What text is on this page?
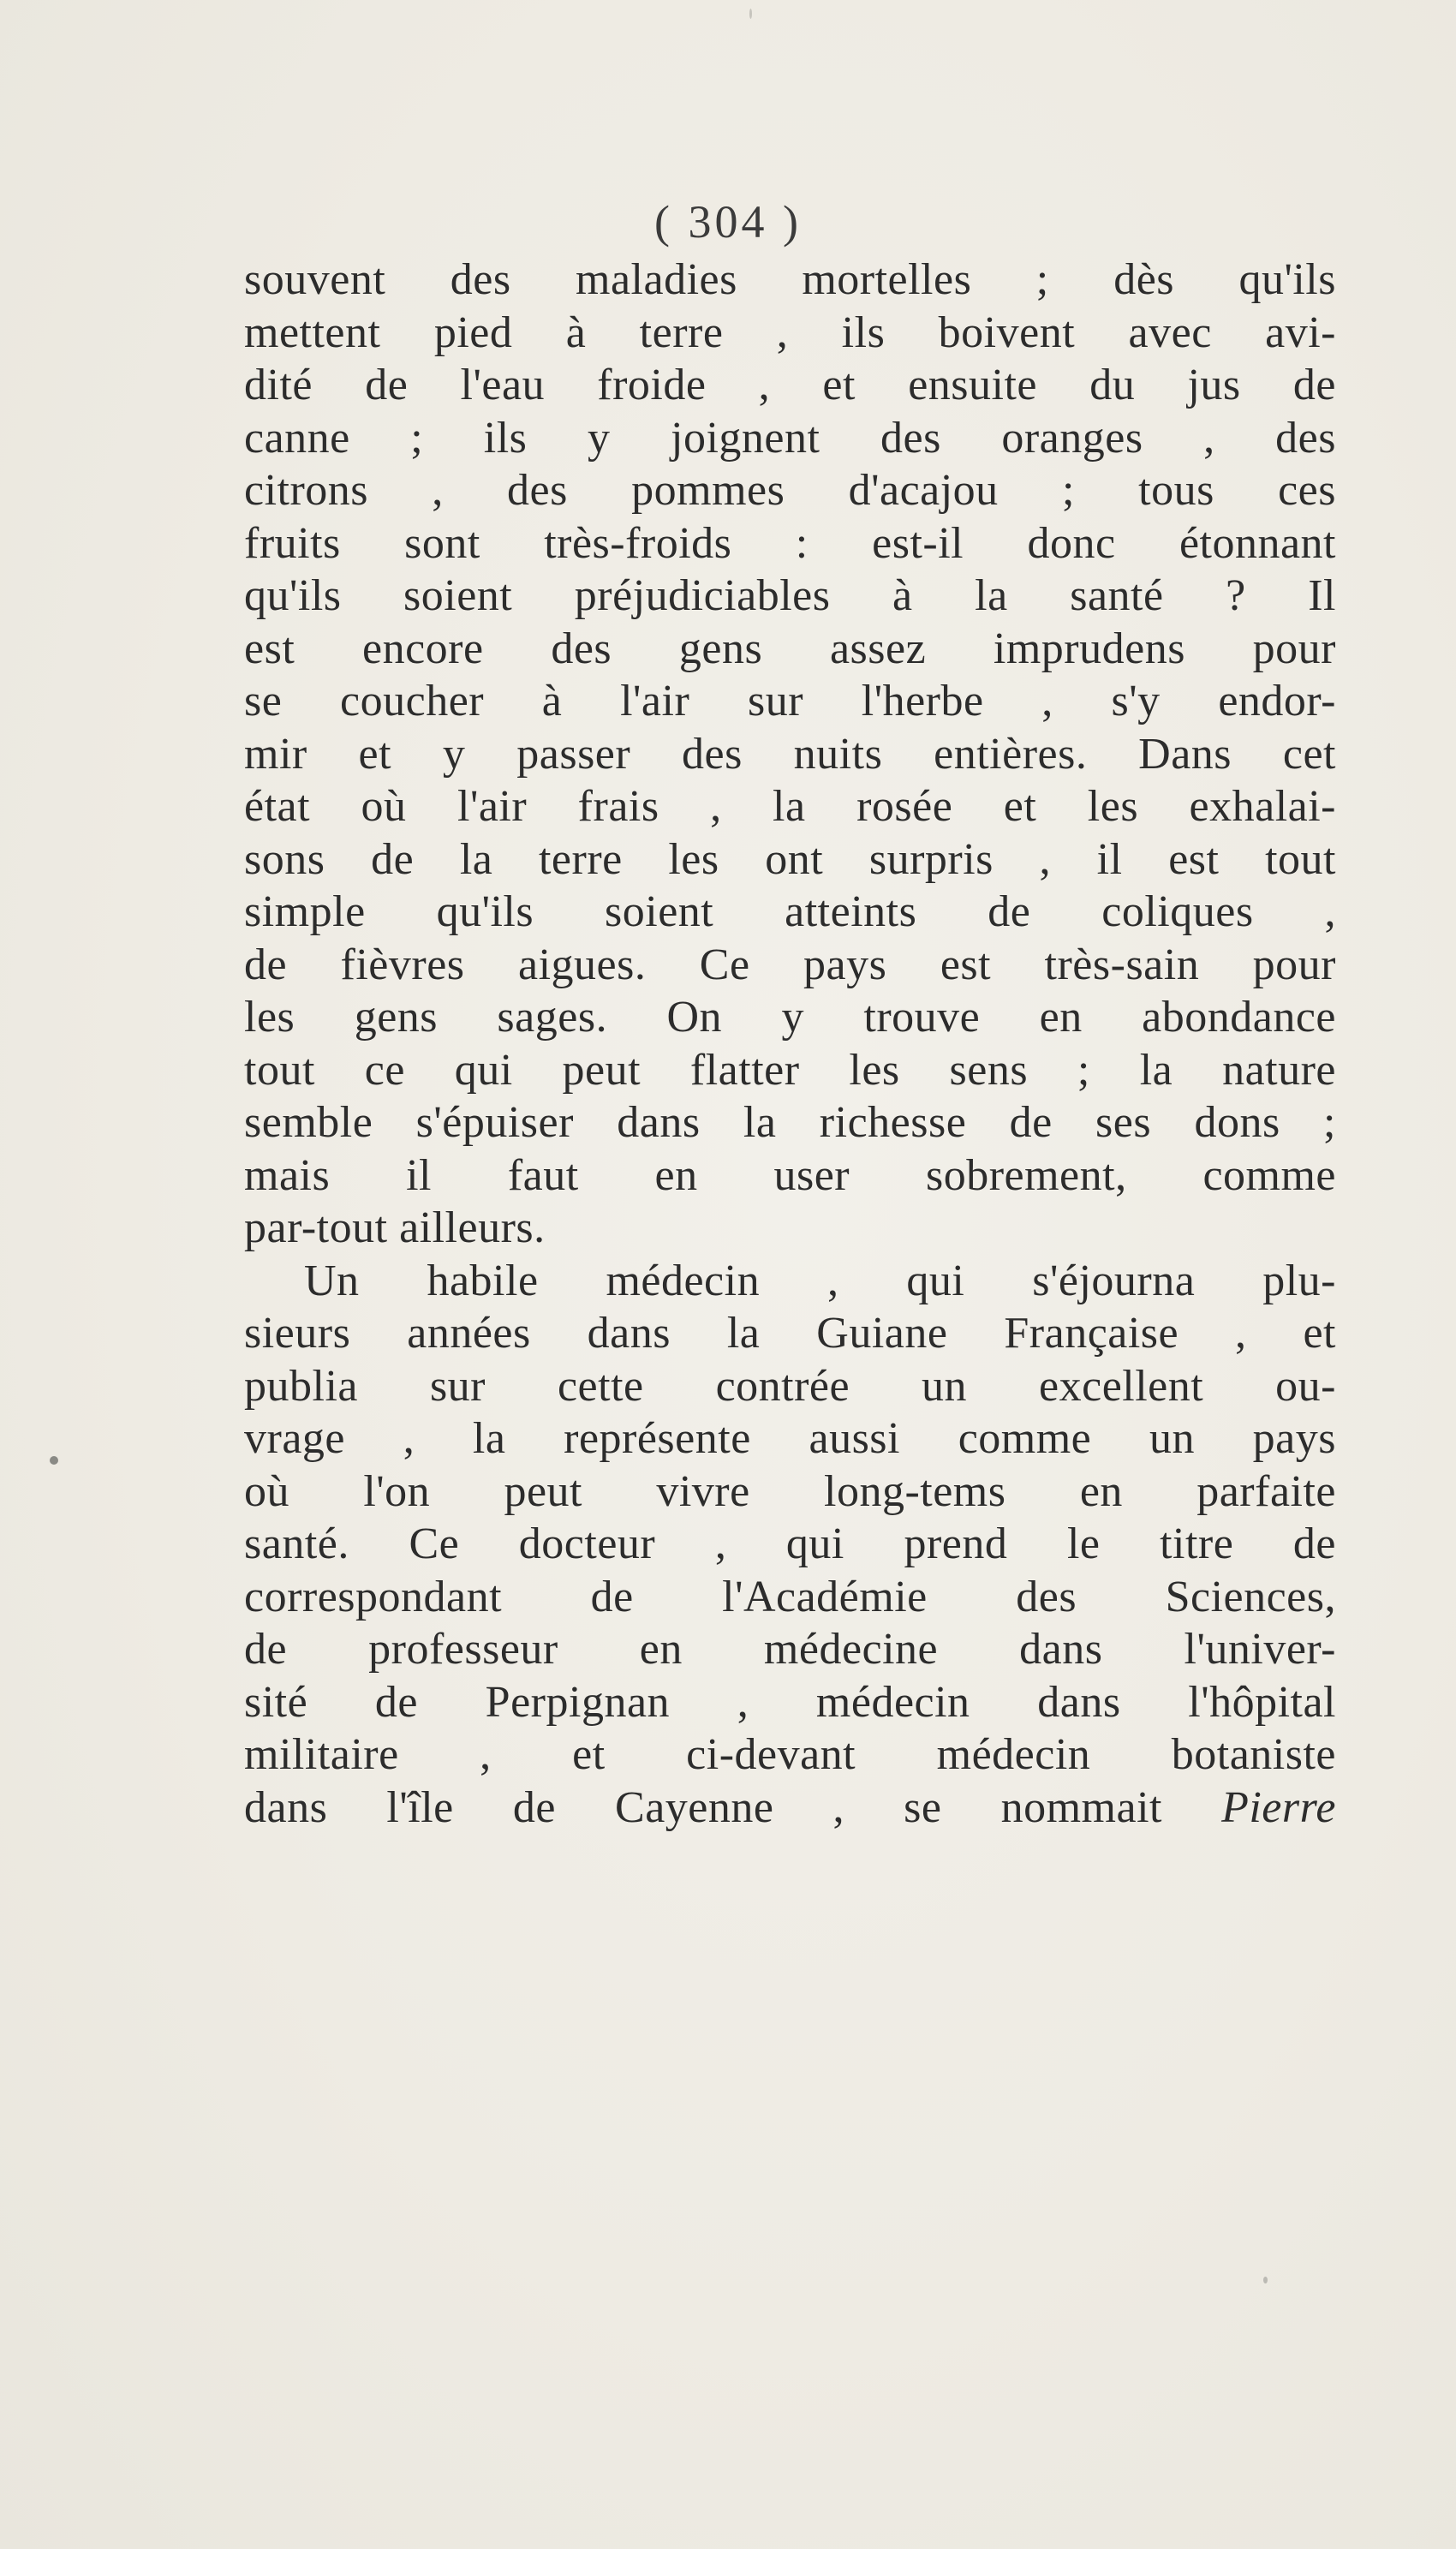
( 304 )

souvent des maladies mortelles ; dès qu'ils
mettent pied à terre , ils boivent avec avi-
dité de l'eau froide , et ensuite du jus de
canne ; ils y joignent des oranges , des
citrons , des pommes d'acajou ; tous ces
fruits sont très-froids : est-il donc étonnant
qu'ils soient préjudiciables à la santé ? Il
est encore des gens assez imprudens pour
se coucher à l'air sur l'herbe , s'y endor-
mir et y passer des nuits entières. Dans cet
état où l'air frais , la rosée et les exhalai-
sons de la terre les ont surpris , il est tout
simple qu'ils soient atteints de coliques ,
de fièvres aigues. Ce pays est très-sain pour
les gens sages. On y trouve en abondance
tout ce qui peut flatter les sens ; la nature
semble s'épuiser dans la richesse de ses dons ;
mais il faut en user sobrement, comme
par-tout ailleurs.
Un habile médecin , qui s'éjourna plu-
sieurs années dans la Guiane Française , et
publia sur cette contrée un excellent ou-
vrage , la représente aussi comme un pays
où l'on peut vivre long-tems en parfaite
santé. Ce docteur , qui prend le titre de
correspondant de l'Académie des Sciences,
de professeur en médecine dans l'univer-
sité de Perpignan , médecin dans l'hôpital
militaire , et ci-devant médecin botaniste
dans l'île de Cayenne , se nommait Pierre
